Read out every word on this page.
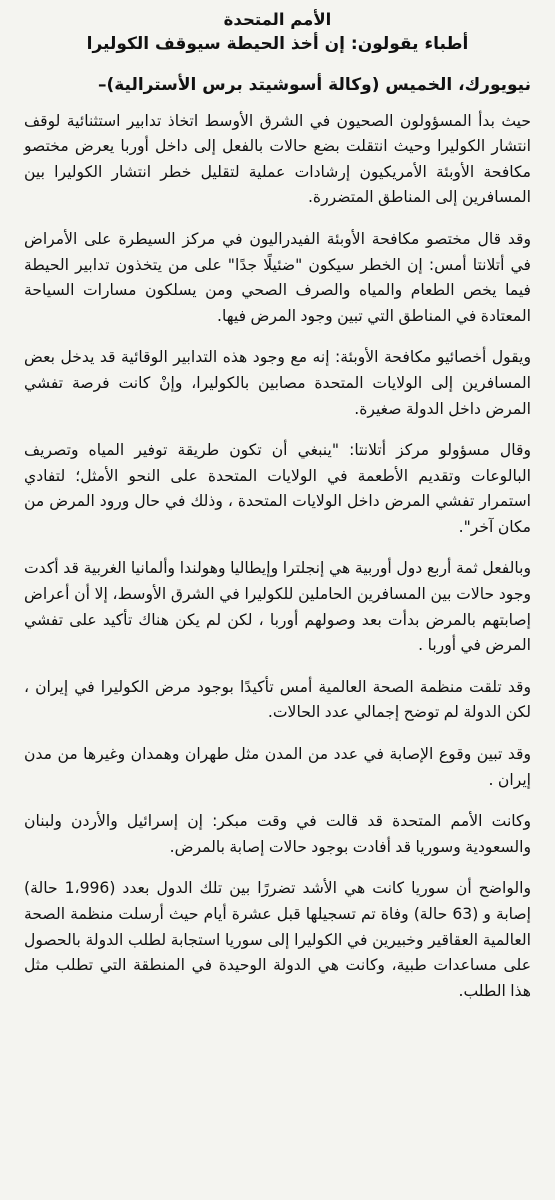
الأمم المتحدة
أطباء يقولون: إن أخذ الحيطة سيوقف الكوليرا
نيويورك، الخميس (وكالة أسوشيتد برس الأسترالية)–

حيث بدأ المسؤولون الصحيون في الشرق الأوسط اتخاذ تدابير استثنائية لوقف انتشار الكوليرا وحيث انتقلت بضع حالات بالفعل إلى داخل أوربا يعرض مختصو مكافحة الأوبئة الأمريكيون إرشادات عملية لتقليل خطر انتشار الكوليرا بين المسافرين إلى المناطق المتضررة.

وقد قال مختصو مكافحة الأوبئة الفيدراليون في مركز السيطرة على الأمراض في أتلانتا أمس: إن الخطر سيكون "ضئيلًا جدًا" على من يتخذون تدابير الحيطة فيما يخص الطعام والمياه والصرف الصحي ومن يسلكون مسارات السياحة المعتادة في المناطق التي تبين وجود المرض فيها.

ويقول أخصائيو مكافحة الأوبئة: إنه مع وجود هذه التدابير الوقائية قد يدخل بعض المسافرين إلى الولايات المتحدة مصابين بالكوليرا، وإنْ كانت فرصة تفشي المرض داخل الدولة صغيرة.

وقال مسؤولو مركز أتلانتا: "ينبغي أن تكون طريقة توفير المياه وتصريف البالوعات وتقديم الأطعمة في الولايات المتحدة على النحو الأمثل؛ لتفادي استمرار تفشي المرض داخل الولايات المتحدة ، وذلك في حال ورود المرض من مكان آخر".

وبالفعل ثمة أربع دول أوربية هي إنجلترا وإيطاليا وهولندا وألمانيا الغربية قد أكدت وجود حالات بين المسافرين الحاملين للكوليرا في الشرق الأوسط، إلا أن أعراض إصابتهم بالمرض بدأت بعد وصولهم أوربا ، لكن لم يكن هناك تأكيد على تفشي المرض في أوربا .

وقد تلقت منظمة الصحة العالمية أمس تأكيدًا بوجود مرض الكوليرا في إيران ، لكن الدولة لم توضح إجمالي عدد الحالات.

وقد تبين وقوع الإصابة في عدد من المدن مثل طهران وهمدان وغيرها من مدن إيران .

وكانت الأمم المتحدة قد قالت في وقت مبكر: إن إسرائيل والأردن ولبنان والسعودية وسوريا قد أفادت بوجود حالات إصابة بالمرض.

والواضح أن سوريا كانت هي الأشد تضررًا بين تلك الدول بعدد (1،996 حالة) إصابة و (63 حالة) وفاة تم تسجيلها قبل عشرة أيام حيث أرسلت منظمة الصحة العالمية العقاقير وخبيرين في الكوليرا إلى سوريا استجابة لطلب الدولة بالحصول على مساعدات طبية، وكانت هي الدولة الوحيدة في المنطقة التي تطلب مثل هذا الطلب.
